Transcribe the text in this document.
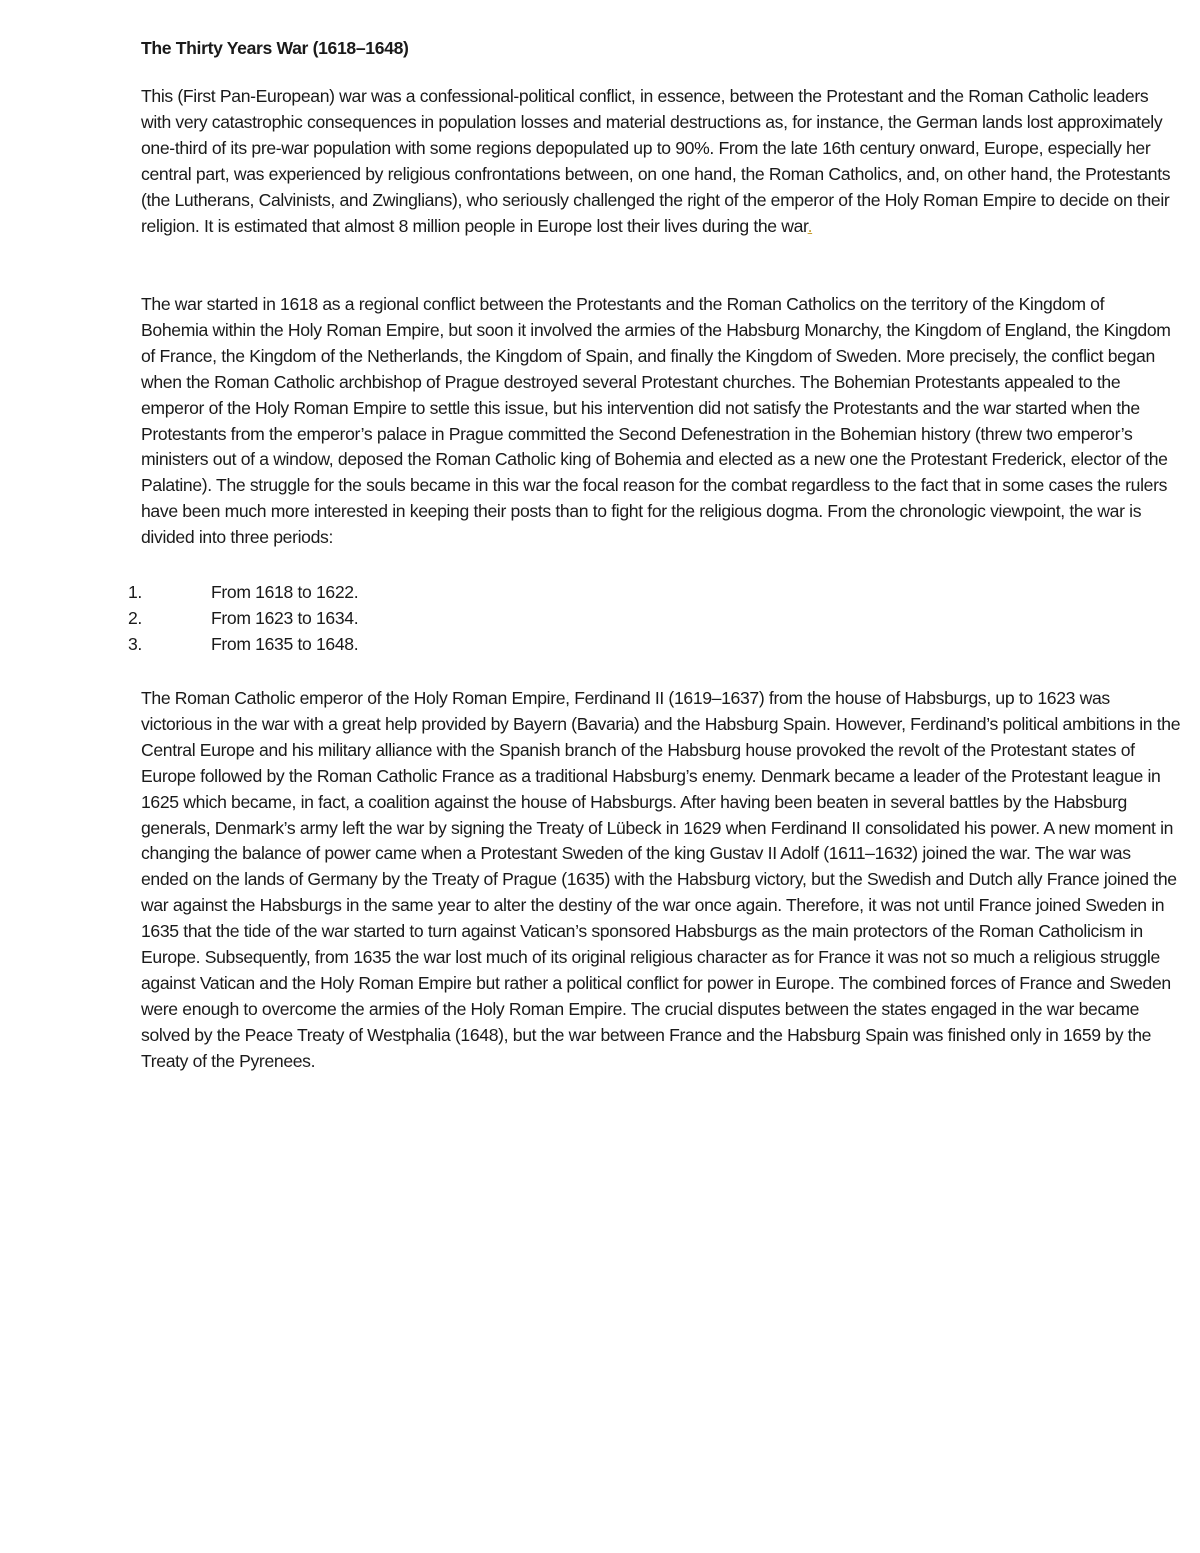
The Thirty Years War (1618–1648)

This (First Pan-European) war was a confessional-political conflict, in essence, between the Protestant and the Roman Catholic leaders with very catastrophic consequences in population losses and material destructions as, for instance, the German lands lost approximately one-third of its pre-war population with some regions depopulated up to 90%. From the late 16th century onward, Europe, especially her central part, was experienced by religious confrontations between, on one hand, the Roman Catholics, and, on other hand, the Protestants (the Lutherans, Calvinists, and Zwinglians), who seriously challenged the right of the emperor of the Holy Roman Empire to decide on their religion. It is estimated that almost 8 million people in Europe lost their lives during the war.

The war started in 1618 as a regional conflict between the Protestants and the Roman Catholics on the territory of the Kingdom of Bohemia within the Holy Roman Empire, but soon it involved the armies of the Habsburg Monarchy, the Kingdom of England, the Kingdom of France, the Kingdom of the Netherlands, the Kingdom of Spain, and finally the Kingdom of Sweden. More precisely, the conflict began when the Roman Catholic archbishop of Prague destroyed several Protestant churches. The Bohemian Protestants appealed to the emperor of the Holy Roman Empire to settle this issue, but his intervention did not satisfy the Protestants and the war started when the Protestants from the emperor’s palace in Prague committed the Second Defenestration in the Bohemian history (threw two emperor’s ministers out of a window, deposed the Roman Catholic king of Bohemia and elected as a new one the Protestant Frederick, elector of the Palatine). The struggle for the souls became in this war the focal reason for the combat regardless to the fact that in some cases the rulers have been much more interested in keeping their posts than to fight for the religious dogma. From the chronologic viewpoint, the war is divided into three periods:

1.	From 1618 to 1622.
2.	From 1623 to 1634.
3.	From 1635 to 1648.

The Roman Catholic emperor of the Holy Roman Empire, Ferdinand II (1619–1637) from the house of Habsburgs, up to 1623 was victorious in the war with a great help provided by Bayern (Bavaria) and the Habsburg Spain. However, Ferdinand’s political ambitions in the Central Europe and his military alliance with the Spanish branch of the Habsburg house provoked the revolt of the Protestant states of Europe followed by the Roman Catholic France as a traditional Habsburg’s enemy. Denmark became a leader of the Protestant league in 1625 which became, in fact, a coalition against the house of Habsburgs. After having been beaten in several battles by the Habsburg generals, Denmark’s army left the war by signing the Treaty of Lübeck in 1629 when Ferdinand II consolidated his power. A new moment in changing the balance of power came when a Protestant Sweden of the king Gustav II Adolf (1611–1632) joined the war. The war was ended on the lands of Germany by the Treaty of Prague (1635) with the Habsburg victory, but the Swedish and Dutch ally France joined the war against the Habsburgs in the same year to alter the destiny of the war once again. Therefore, it was not until France joined Sweden in 1635 that the tide of the war started to turn against Vatican’s sponsored Habsburgs as the main protectors of the Roman Catholicism in Europe. Subsequently, from 1635 the war lost much of its original religious character as for France it was not so much a religious struggle against Vatican and the Holy Roman Empire but rather a political conflict for power in Europe. The combined forces of France and Sweden were enough to overcome the armies of the Holy Roman Empire. The crucial disputes between the states engaged in the war became solved by the Peace Treaty of Westphalia (1648), but the war between France and the Habsburg Spain was finished only in 1659 by the Treaty of the Pyrenees.
